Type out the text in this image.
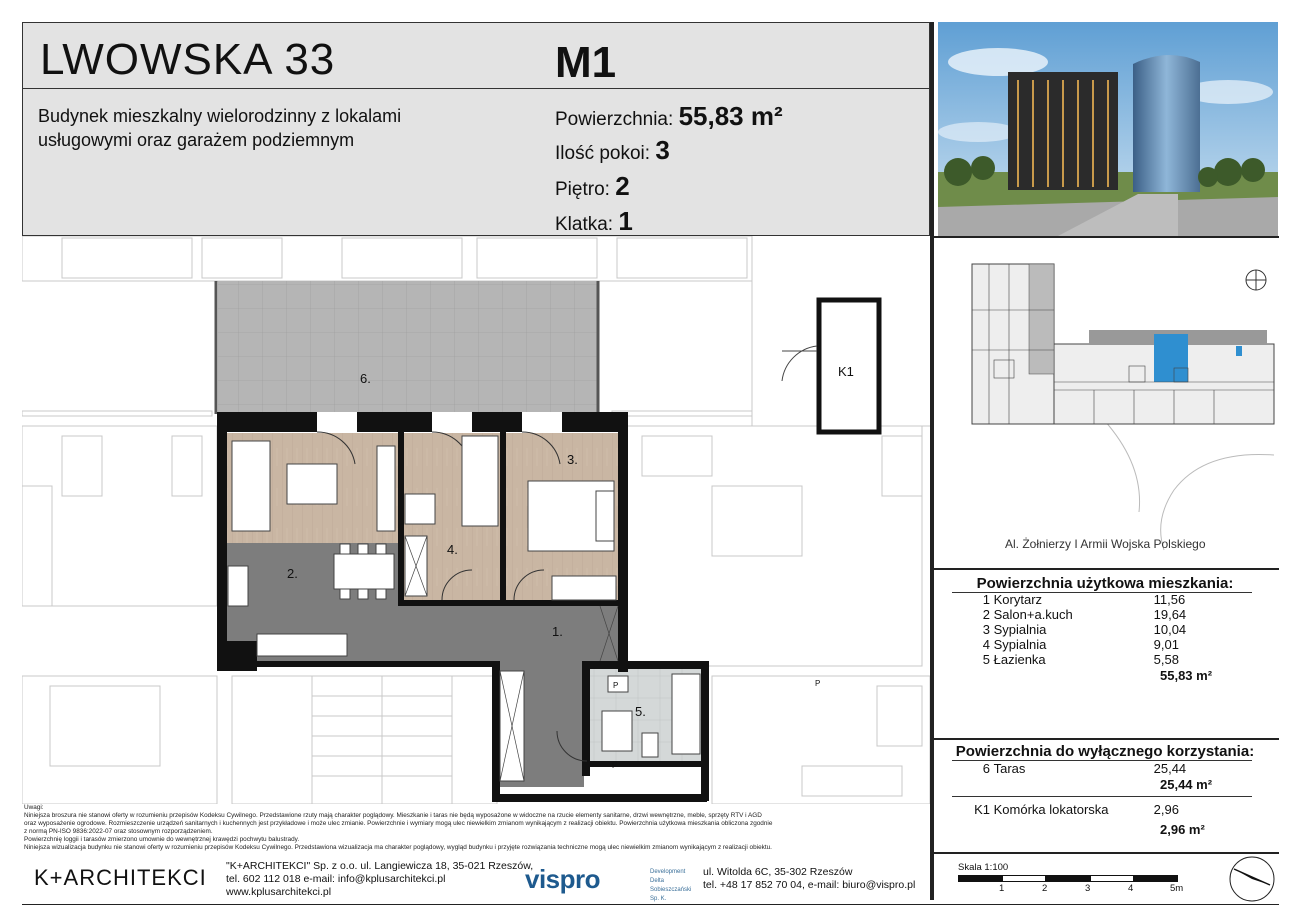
LWOWSKA 33	M1
Budynek mieszkalny wielorodzinny z lokalami usługowymi oraz garażem podziemnym
Powierzchnia: 55,83 m²
Ilość pokoi: 3
Piętro: 2
Klatka: 1
Al. Żołnierzy I Armii Wojska Polskiego
Powierzchnia użytkowa mieszkania:
1 Korytarz	11,56
2 Salon+a.kuch	19,64
3 Sypialnia	10,04
4 Sypialnia	9,01
5 Łazienka	5,58
55,83 m²
Powierzchnia do wyłącznego korzystania:
6 Taras	25,44
25,44 m²
K1 Komórka lokatorska	2,96
2,96 m²
Skala 1:100
1	2	3	4	5m
6.
2.
4.
3.
1.
5.
K1
P	P
P
Uwagi:
Niniejsza broszura nie stanowi oferty w rozumieniu przepisów Kodeksu Cywilnego. Przedstawione rzuty mają charakter poglądowy. Mieszkanie i taras nie będą wyposażone w widoczne na rzucie elementy sanitarne, drzwi wewnętrzne, meble, sprzęty RTV i AGD
oraz wyposażenie ogrodowe. Rozmieszczenie urządzeń sanitarnych i kuchennych jest przykładowe i może ulec zmianie. Powierzchnie i wymiary mogą ulec niewielkim zmianom wynikającym z realizacji obiektu. Powierzchnia użytkowa mieszkania obliczona zgodnie
z normą PN-ISO 9836:2022-07 oraz stosownym rozporządzeniem.
Powierzchnię loggii i tarasów zmierzono umownie do wewnętrznej krawędzi pochwytu balustrady.
Niniejsza wizualizacja budynku nie stanowi oferty w rozumieniu przepisów Kodeksu Cywilnego. Przedstawiona wizualizacja ma charakter poglądowy, wygląd budynku i przyjęte rozwiązania techniczne mogą ulec niewielkim zmianom wynikającym z realizacji obiektu.
K+ARCHITEKCI "K+ARCHITEKCI" Sp. z o.o. ul. Langiewicza 18, 35-021 Rzeszów,
tel. 602 112 018 e-mail: info@kplusarchitekci.pl
www.kplusarchitekci.pl	vispro	Development Delta Sobieszczański Sp. K.
ul. Witolda 6C, 35-302 Rzeszów
tel. +48 17 852 70 04, e-mail: biuro@vispro.pl
